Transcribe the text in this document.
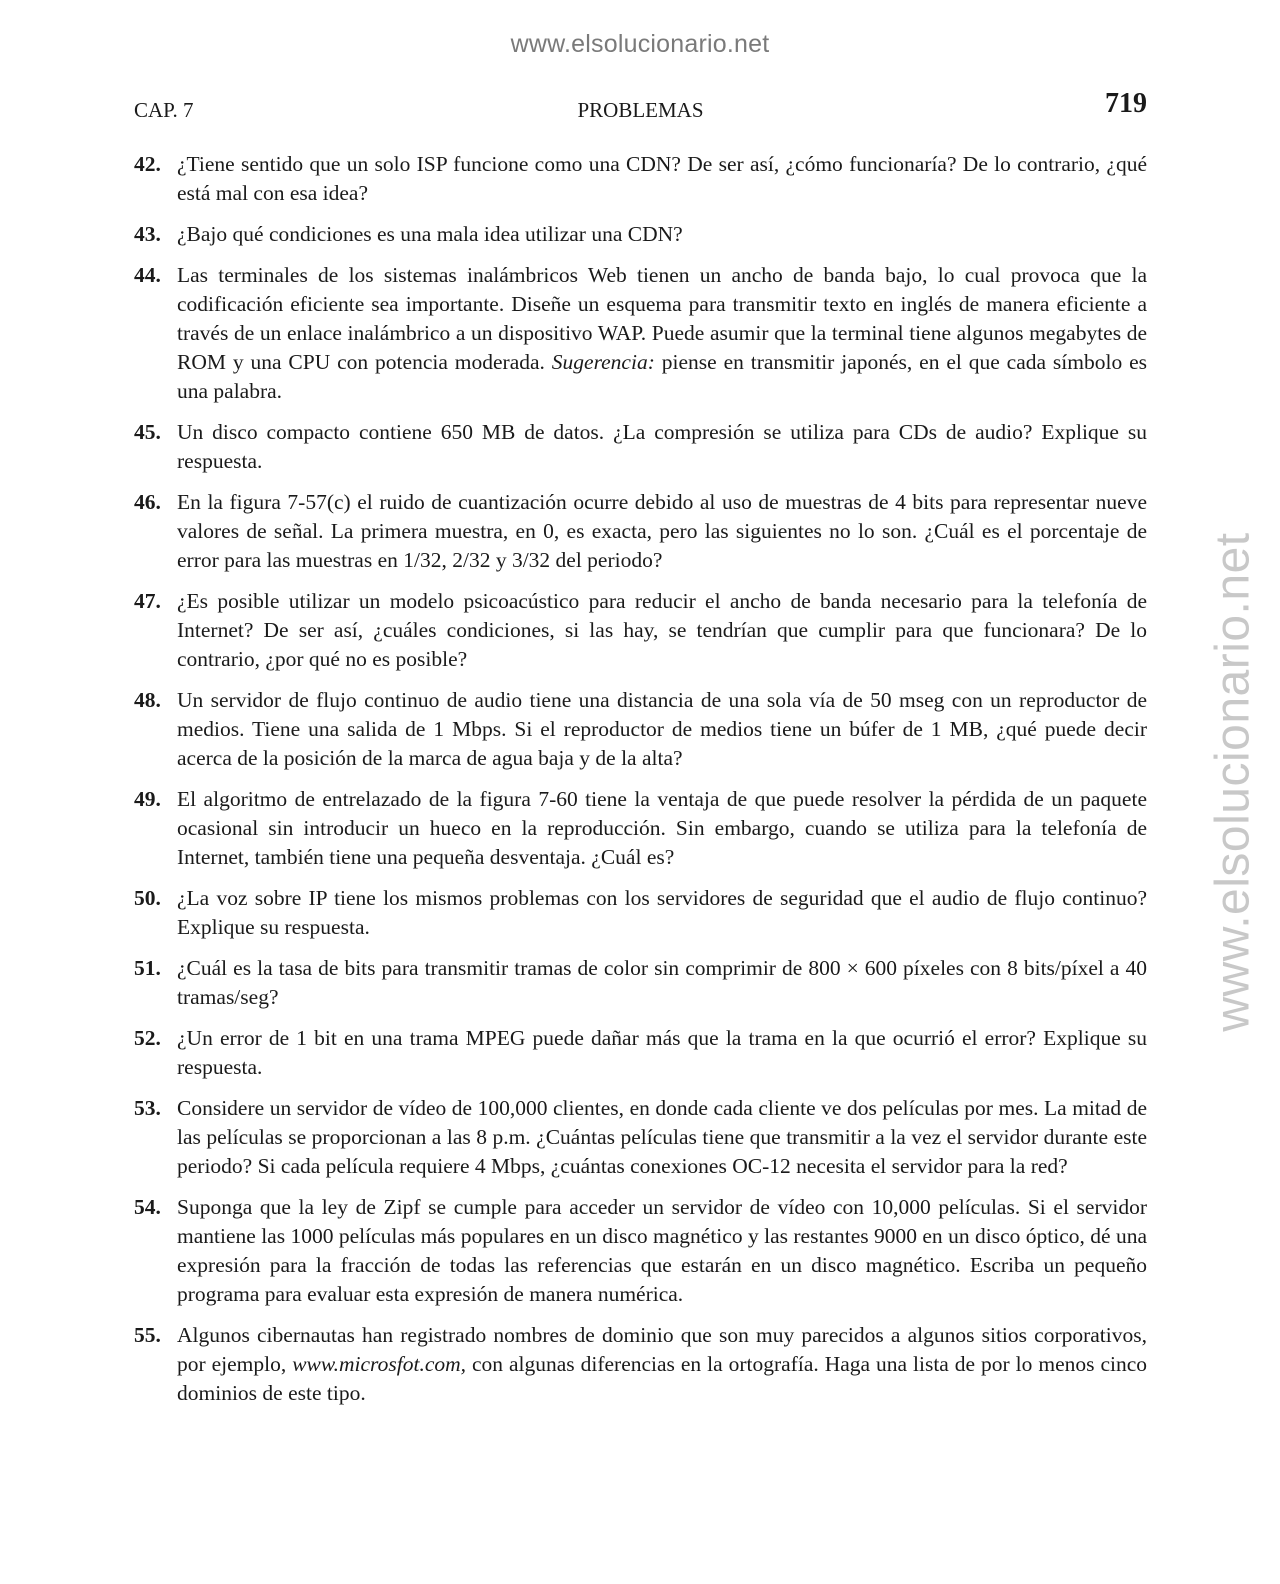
www.elsolucionario.net
www.elsolucionario.net
CAP. 7	PROBLEMAS	719
42. ¿Tiene sentido que un solo ISP funcione como una CDN? De ser así, ¿cómo funcionaría? De lo contrario, ¿qué está mal con esa idea?
43. ¿Bajo qué condiciones es una mala idea utilizar una CDN?
44. Las terminales de los sistemas inalámbricos Web tienen un ancho de banda bajo, lo cual provoca que la codificación eficiente sea importante. Diseñe un esquema para transmitir texto en inglés de manera eficiente a través de un enlace inalámbrico a un dispositivo WAP. Puede asumir que la terminal tiene algunos megabytes de ROM y una CPU con potencia moderada. Sugerencia: piense en transmitir japonés, en el que cada símbolo es una palabra.
45. Un disco compacto contiene 650 MB de datos. ¿La compresión se utiliza para CDs de audio? Explique su respuesta.
46. En la figura 7-57(c) el ruido de cuantización ocurre debido al uso de muestras de 4 bits para representar nueve valores de señal. La primera muestra, en 0, es exacta, pero las siguientes no lo son. ¿Cuál es el porcentaje de error para las muestras en 1/32, 2/32 y 3/32 del periodo?
47. ¿Es posible utilizar un modelo psicoacústico para reducir el ancho de banda necesario para la telefonía de Internet? De ser así, ¿cuáles condiciones, si las hay, se tendrían que cumplir para que funcionara? De lo contrario, ¿por qué no es posible?
48. Un servidor de flujo continuo de audio tiene una distancia de una sola vía de 50 mseg con un reproductor de medios. Tiene una salida de 1 Mbps. Si el reproductor de medios tiene un búfer de 1 MB, ¿qué puede decir acerca de la posición de la marca de agua baja y de la alta?
49. El algoritmo de entrelazado de la figura 7-60 tiene la ventaja de que puede resolver la pérdida de un paquete ocasional sin introducir un hueco en la reproducción. Sin embargo, cuando se utiliza para la telefonía de Internet, también tiene una pequeña desventaja. ¿Cuál es?
50. ¿La voz sobre IP tiene los mismos problemas con los servidores de seguridad que el audio de flujo continuo? Explique su respuesta.
51. ¿Cuál es la tasa de bits para transmitir tramas de color sin comprimir de 800 × 600 píxeles con 8 bits/píxel a 40 tramas/seg?
52. ¿Un error de 1 bit en una trama MPEG puede dañar más que la trama en la que ocurrió el error? Explique su respuesta.
53. Considere un servidor de vídeo de 100,000 clientes, en donde cada cliente ve dos películas por mes. La mitad de las películas se proporcionan a las 8 p.m. ¿Cuántas películas tiene que transmitir a la vez el servidor durante este periodo? Si cada película requiere 4 Mbps, ¿cuántas conexiones OC-12 necesita el servidor para la red?
54. Suponga que la ley de Zipf se cumple para acceder un servidor de vídeo con 10,000 películas. Si el servidor mantiene las 1000 películas más populares en un disco magnético y las restantes 9000 en un disco óptico, dé una expresión para la fracción de todas las referencias que estarán en un disco magnético. Escriba un pequeño programa para evaluar esta expresión de manera numérica.
55. Algunos cibernautas han registrado nombres de dominio que son muy parecidos a algunos sitios corporativos, por ejemplo, www.microsfot.com, con algunas diferencias en la ortografía. Haga una lista de por lo menos cinco dominios de este tipo.
